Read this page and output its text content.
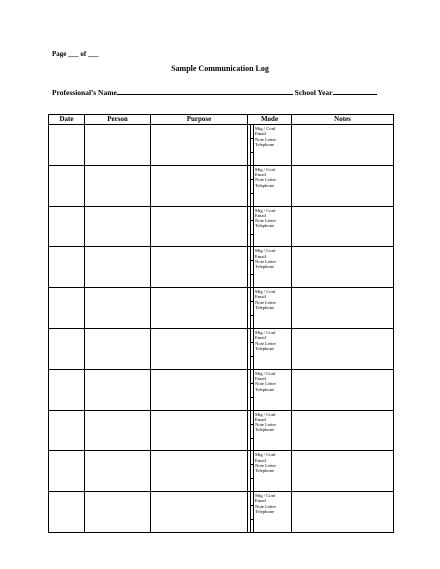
Page ___ of ___
Sample Communication Log
Professional’s Name	School Year
Date	Person	Purpose	Mode	Notes

			Mtg / Conf
Email
Note Letter
Telephone	

			Mtg / Conf
Email
Note Letter
Telephone	

			Mtg / Conf
Email
Note Letter
Telephone	

			Mtg / Conf
Email
Note Letter
Telephone	

			Mtg / Conf
Email
Note Letter
Telephone	

			Mtg / Conf
Email
Note Letter
Telephone	

			Mtg / Conf
Email
Note Letter
Telephone	

			Mtg / Conf
Email
Note Letter
Telephone	

			Mtg / Conf
Email
Note Letter
Telephone	

			Mtg / Conf
Email
Note Letter
Telephone	
